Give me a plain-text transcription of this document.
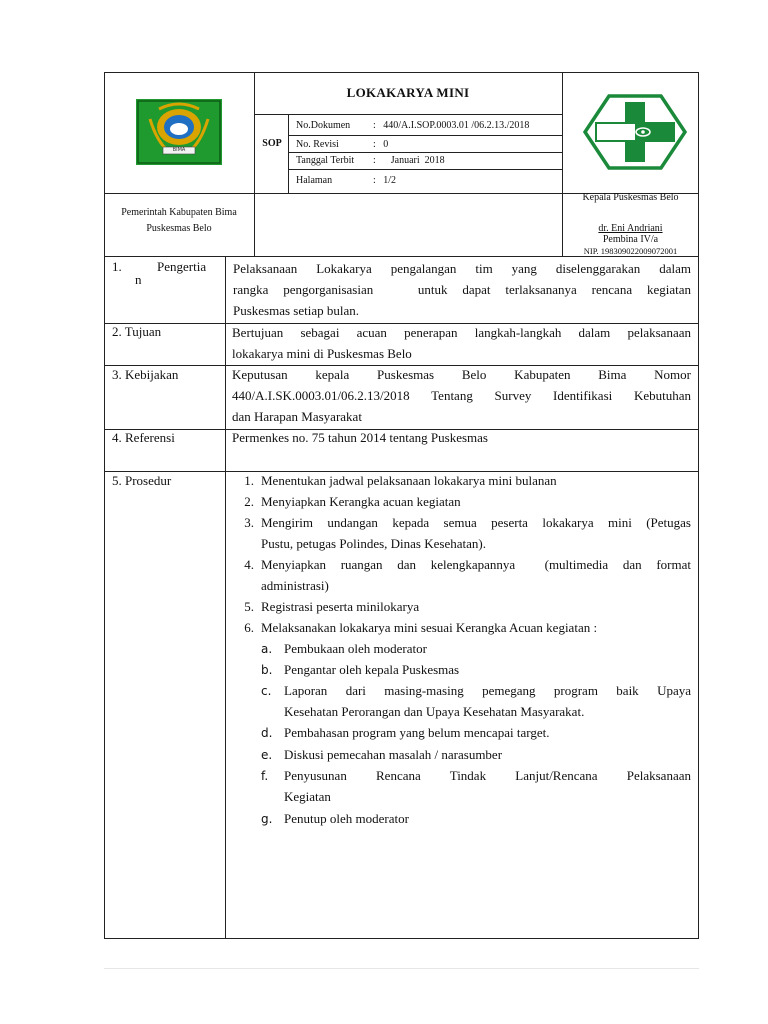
BIMA
LOKAKARYA MINI
SOP
No.Dokumen :   440/A.I.SOP.0003.01 /06.2.13./2018
No. Revisi	:   0
Tanggal Terbit :      Januari  2018
Halaman	:   1/2
Pemerintah Kabupaten Bima
Puskesmas Belo
Kepala Puskesmas Belo
dr. Eni Andriani
Pembina IV/a
NIP. 198309022009072001
1.	Pengertia
n
Pelaksanaan Lokakarya pengalangan tim yang diselenggarakan dalam
rangka pengorganisasian   untuk dapat terlaksananya rencana kegiatan
Puskesmas setiap bulan.
2. Tujuan	Bertujuan sebagai acuan penerapan langkah-langkah dalam pelaksanaan
lokakarya mini di Puskesmas Belo
3. Kebijakan	Keputusan kepala Puskesmas Belo Kabupaten Bima Nomor
440/A.I.SK.0003.01/06.2.13/2018 Tentang Survey Identifikasi Kebutuhan
dan Harapan Masyarakat
4. Referensi	Permenkes no. 75 tahun 2014 tentang Puskesmas
5. Prosedur	1. Menentukan jadwal pelaksanaan lokakarya mini bulanan
2. Menyiapkan Kerangka acuan kegiatan
3. Mengirim undangan kepada semua peserta lokakarya mini (Petugas
Pustu, petugas Polindes, Dinas Kesehatan).
4. Menyiapkan ruangan dan kelengkapannya  (multimedia dan format
administrasi)
5. Registrasi peserta minilokarya
6. Melaksanakan lokakarya mini sesuai Kerangka Acuan kegiatan :
a. Pembukaan oleh moderator
b. Pengantar oleh kepala Puskesmas
c. Laporan dari masing-masing pemegang program baik Upaya
Kesehatan Perorangan dan Upaya Kesehatan Masyarakat.
d. Pembahasan program yang belum mencapai target.
e. Diskusi pemecahan masalah / narasumber
f. Penyusunan Rencana Tindak Lanjut/Rencana Pelaksanaan
Kegiatan
g. Penutup oleh moderator
